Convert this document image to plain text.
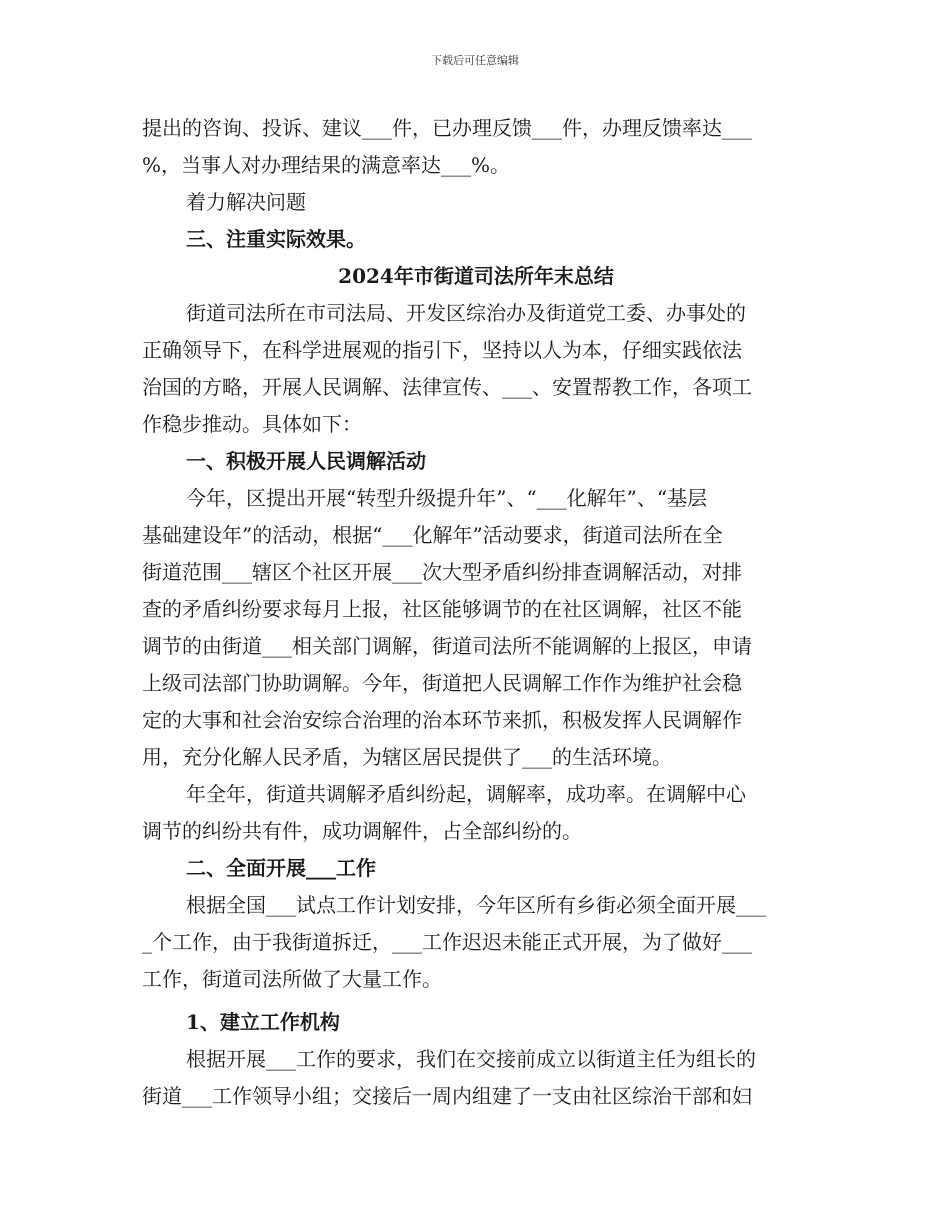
下载后可任意编辑
提出的咨询、投诉、建议___件，已办理反馈___件，办理反馈率达___
%，当事人对办理结果的满意率达___%。
着力解决问题
三、注重实际效果。
2024年市街道司法所年末总结
街道司法所在市司法局、开发区综治办及街道党工委、办事处的
正确领导下，在科学进展观的指引下，坚持以人为本，仔细实践依法
治国的方略，开展人民调解、法律宣传、___、安置帮教工作，各项工
作稳步推动。具体如下：
一、积极开展人民调解活动
今年，区提出开展“转型升级提升年”、“___化解年”、“基层
基础建设年”的活动，根据“___化解年”活动要求，街道司法所在全
街道范围___辖区个社区开展___次大型矛盾纠纷排查调解活动，对排
查的矛盾纠纷要求每月上报，社区能够调节的在社区调解，社区不能
调节的由街道___相关部门调解，街道司法所不能调解的上报区，申请
上级司法部门协助调解。今年，街道把人民调解工作作为维护社会稳
定的大事和社会治安综合治理的治本环节来抓，积极发挥人民调解作
用，充分化解人民矛盾，为辖区居民提供了___的生活环境。
年全年，街道共调解矛盾纠纷起，调解率，成功率。在调解中心
调节的纠纷共有件，成功调解件，占全部纠纷的。
二、全面开展___工作
根据全国___试点工作计划安排，今年区所有乡街必须全面开展___
_个工作，由于我街道拆迁，___工作迟迟未能正式开展，为了做好___
工作，街道司法所做了大量工作。
1、建立工作机构
根据开展___工作的要求，我们在交接前成立以街道主任为组长的
街道___工作领导小组；交接后一周内组建了一支由社区综治干部和妇
